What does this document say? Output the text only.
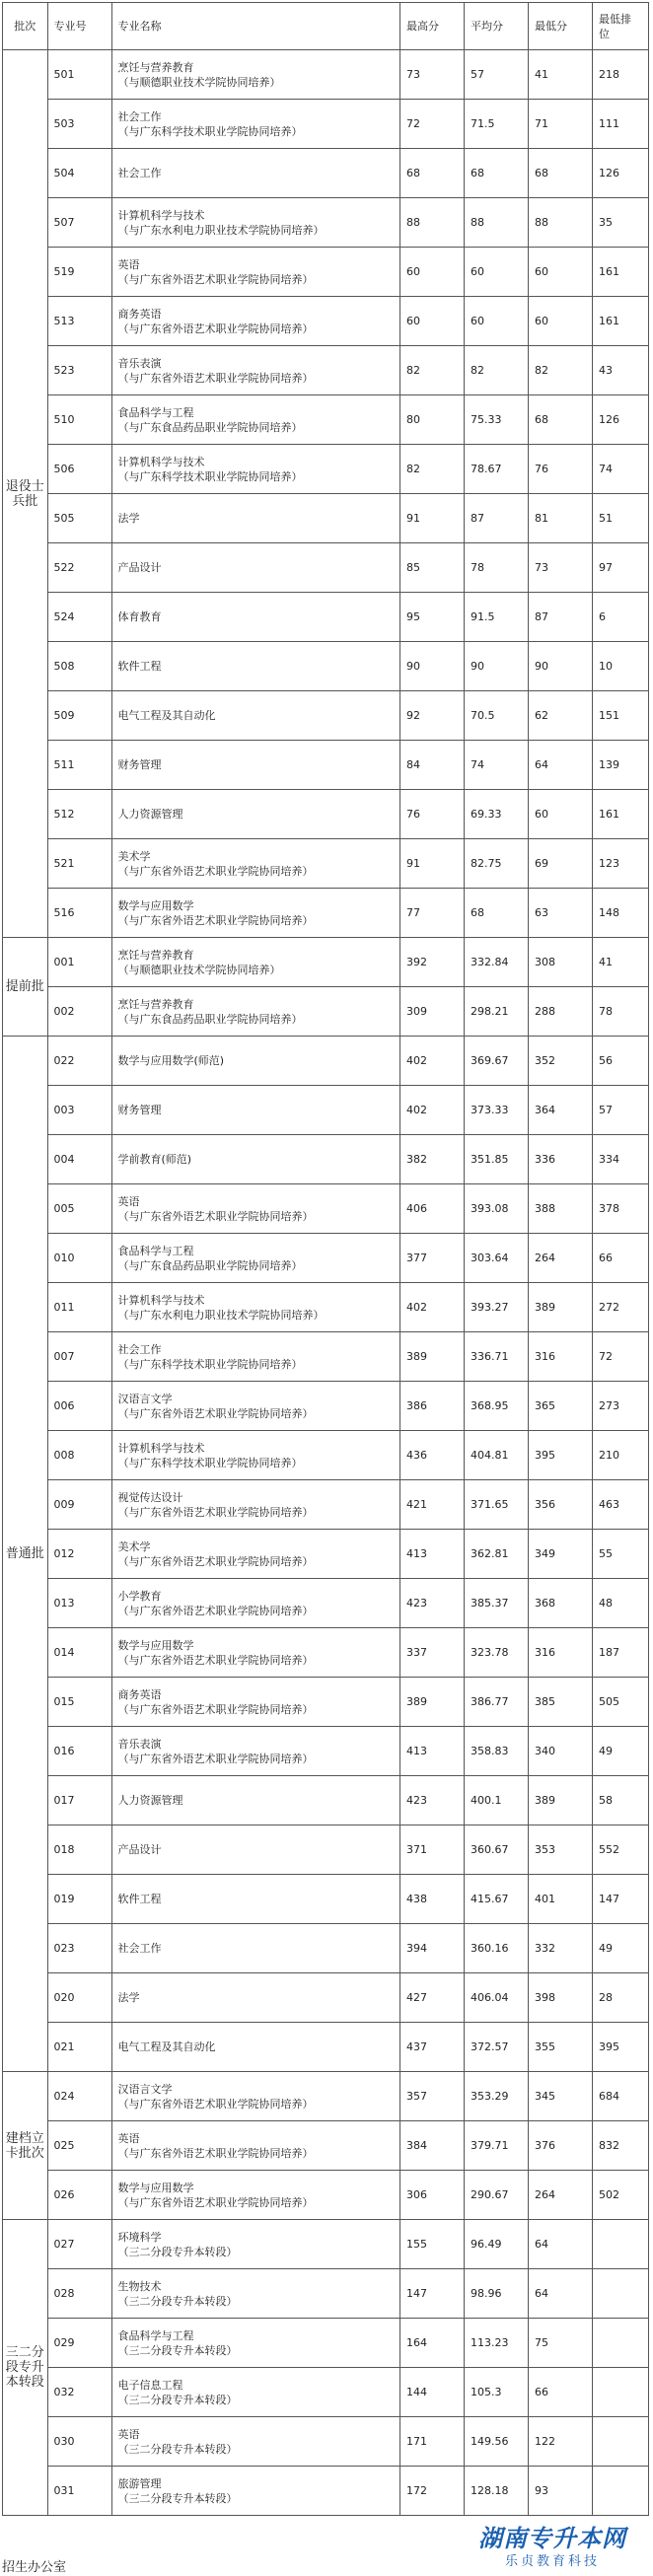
批次	专业号	专业名称	最高分	平均分	最低分	最低排位
退役士兵批	501	烹饪与营养教育
（与顺德职业技术学院协同培养）	73	57	41	218
	503	社会工作
（与广东科学技术职业学院协同培养）	72	71.5	71	111
	504	社会工作	68	68	68	126
	507	计算机科学与技术
（与广东水利电力职业技术学院协同培养）	88	88	88	35
	519	英语
（与广东省外语艺术职业学院协同培养）	60	60	60	161
	513	商务英语
（与广东省外语艺术职业学院协同培养）	60	60	60	161
	523	音乐表演
（与广东省外语艺术职业学院协同培养）	82	82	82	43
	510	食品科学与工程
（与广东食品药品职业学院协同培养）	80	75.33	68	126
	506	计算机科学与技术
（与广东科学技术职业学院协同培养）	82	78.67	76	74
	505	法学	91	87	81	51
	522	产品设计	85	78	73	97
	524	体育教育	95	91.5	87	6
	508	软件工程	90	90	90	10
	509	电气工程及其自动化	92	70.5	62	151
	511	财务管理	84	74	64	139
	512	人力资源管理	76	69.33	60	161
	521	美术学
（与广东省外语艺术职业学院协同培养）	91	82.75	69	123
	516	数学与应用数学
（与广东省外语艺术职业学院协同培养）	77	68	63	148
提前批	001	烹饪与营养教育
（与顺德职业技术学院协同培养）	392	332.84	308	41
	002	烹饪与营养教育
（与广东食品药品职业学院协同培养）	309	298.21	288	78
普通批	022	数学与应用数学(师范)	402	369.67	352	56
	003	财务管理	402	373.33	364	57
	004	学前教育(师范)	382	351.85	336	334
	005	英语
（与广东省外语艺术职业学院协同培养）	406	393.08	388	378
	010	食品科学与工程
（与广东食品药品职业学院协同培养）	377	303.64	264	66
	011	计算机科学与技术
（与广东水利电力职业技术学院协同培养）	402	393.27	389	272
	007	社会工作
（与广东科学技术职业学院协同培养）	389	336.71	316	72
	006	汉语言文学
（与广东省外语艺术职业学院协同培养）	386	368.95	365	273
	008	计算机科学与技术
（与广东科学技术职业学院协同培养）	436	404.81	395	210
	009	视觉传达设计
（与广东省外语艺术职业学院协同培养）	421	371.65	356	463
	012	美术学
（与广东省外语艺术职业学院协同培养）	413	362.81	349	55
	013	小学教育
（与广东省外语艺术职业学院协同培养）	423	385.37	368	48
	014	数学与应用数学
（与广东省外语艺术职业学院协同培养）	337	323.78	316	187
	015	商务英语
（与广东省外语艺术职业学院协同培养）	389	386.77	385	505
	016	音乐表演
（与广东省外语艺术职业学院协同培养）	413	358.83	340	49
	017	人力资源管理	423	400.1	389	58
	018	产品设计	371	360.67	353	552
	019	软件工程	438	415.67	401	147
	023	社会工作	394	360.16	332	49
	020	法学	427	406.04	398	28
	021	电气工程及其自动化	437	372.57	355	395
建档立卡批次	024	汉语言文学
（与广东省外语艺术职业学院协同培养）	357	353.29	345	684
	025	英语
（与广东省外语艺术职业学院协同培养）	384	379.71	376	832
	026	数学与应用数学
（与广东省外语艺术职业学院协同培养）	306	290.67	264	502
三二分段专升本转段	027	环境科学
（三二分段专升本转段）	155	96.49	64	
	028	生物技术
（三二分段专升本转段）	147	98.96	64	
	029	食品科学与工程
（三二分段专升本转段）	164	113.23	75	
	032	电子信息工程
（三二分段专升本转段）	144	105.3	66	
	030	英语
（三二分段专升本转段）	171	149.56	122	
	031	旅游管理
（三二分段专升本转段）	172	128.18	93	
招生办公室
湖南专升本网
乐贞教育科技
